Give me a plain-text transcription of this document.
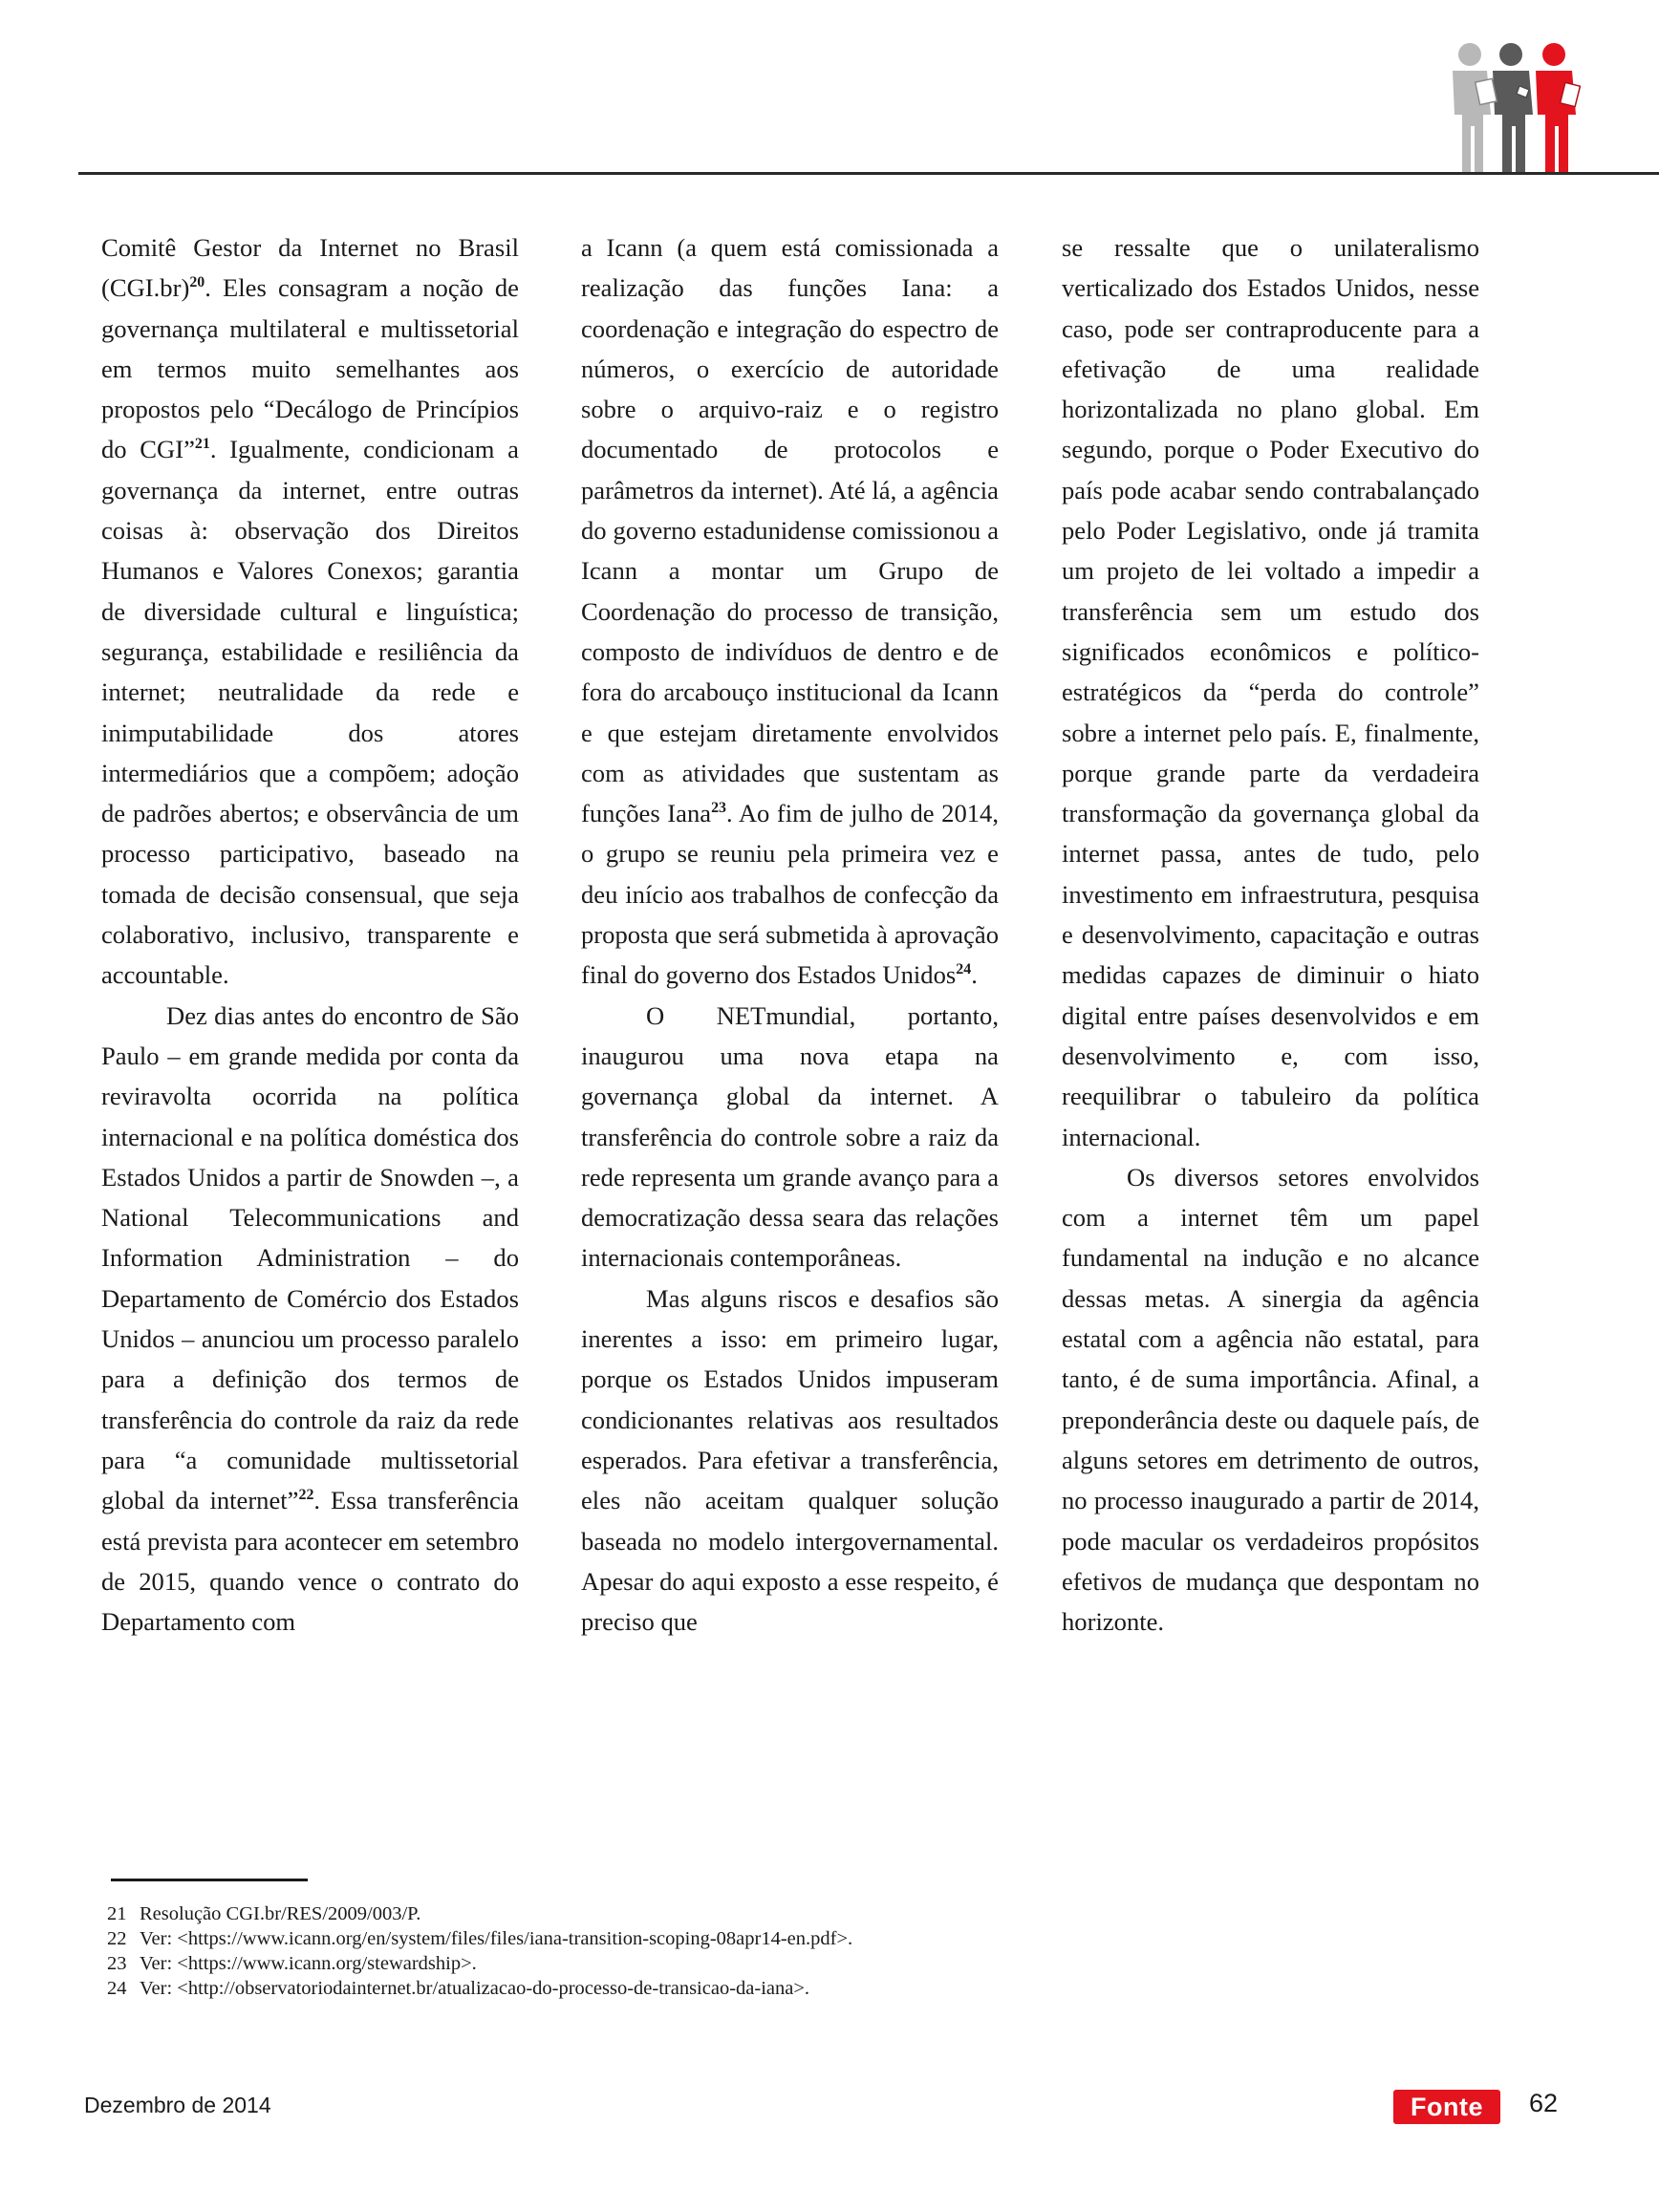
Comitê Gestor da Internet no Brasil $(CGI.br)^{20}$. Eles consagram a noção de governança multilateral e multissetorial em termos muito semelhantes aos propostos pelo “Decálogo de Princípios do CGI”$^{21}$. Igualmente, condicionam a governança da internet, entre outras coisas à: observação dos Direitos Humanos e Valores Conexos; garantia de diversidade cultural e linguística; segurança, estabilidade e resiliência da internet; neutralidade da rede e inimputabilidade dos atores intermediários que a compõem; adoção de padrões abertos; e observância de um processo participativo, baseado na tomada de decisão consensual, que seja colaborativo, inclusivo, transparente e accountable.

Dez dias antes do encontro de São Paulo – em grande medida por conta da reviravolta ocorrida na política internacional e na política doméstica dos Estados Unidos a partir de Snowden –, a National Telecommunications and Information Administration – do Departamento de Comércio dos Estados Unidos – anunciou um processo paralelo para a definição dos termos de transferência do controle da raiz da rede para “a comunidade multissetorial global da internet”$^{22}$. Essa transferência está prevista para acontecer em setembro de 2015, quando vence o contrato do Departamento com

a Icann (a quem está comissionada a realização das funções Iana: a coordenação e integração do espectro de números, o exercício de autoridade sobre o arquivo-raiz e o registro documentado de protocolos e parâmetros da internet). Até lá, a agência do governo estadunidense comissionou a Icann a montar um Grupo de Coordenação do processo de transição, composto de indivíduos de dentro e de fora do arcabouço institucional da Icann e que estejam diretamente envolvidos com as atividades que sustentam as funções Iana$^{23}$. Ao fim de julho de 2014, o grupo se reuniu pela primeira vez e deu início aos trabalhos de confecção da proposta que será submetida à aprovação final do governo dos Estados Unidos$^{24}$.

O NETmundial, portanto, inaugurou uma nova etapa na governança global da internet. A transferência do controle sobre a raiz da rede representa um grande avanço para a democratização dessa seara das relações internacionais contemporâneas.

Mas alguns riscos e desafios são inerentes a isso: em primeiro lugar, porque os Estados Unidos impuseram condicionantes relativas aos resultados esperados. Para efetivar a transferência, eles não aceitam qualquer solução baseada no modelo intergovernamental. Apesar do aqui exposto a esse respeito, é preciso que

se ressalte que o unilateralismo verticalizado dos Estados Unidos, nesse caso, pode ser contraproducente para a efetivação de uma realidade horizontalizada no plano global. Em segundo, porque o Poder Executivo do país pode acabar sendo contrabalançado pelo Poder Legislativo, onde já tramita um projeto de lei voltado a impedir a transferência sem um estudo dos significados econômicos e político-estratégicos da “perda do controle” sobre a internet pelo país. E, finalmente, porque grande parte da verdadeira transformação da governança global da internet passa, antes de tudo, pelo investimento em infraestrutura, pesquisa e desenvolvimento, capacitação e outras medidas capazes de diminuir o hiato digital entre países desenvolvidos e em desenvolvimento e, com isso, reequilibrar o tabuleiro da política internacional.

Os diversos setores envolvidos com a internet têm um papel fundamental na indução e no alcance dessas metas. A sinergia da agência estatal com a agência não estatal, para tanto, é de suma importância. Afinal, a preponderância deste ou daquele país, de alguns setores em detrimento de outros, no processo inaugurado a partir de 2014, pode macular os verdadeiros propósitos efetivos de mudança que despontam no horizonte.

21 Resolução CGI.br/RES/2009/003/P.
22 Ver: <https://www.icann.org/en/system/files/files/iana-transition-scoping-08apr14-en.pdf>.
23 Ver: <https://www.icann.org/stewardship>.
24 Ver: <http://observatoriodainternet.br/atualizacao-do-processo-de-transicao-da-iana>.
Dezembro de 2014	Fonte	62
